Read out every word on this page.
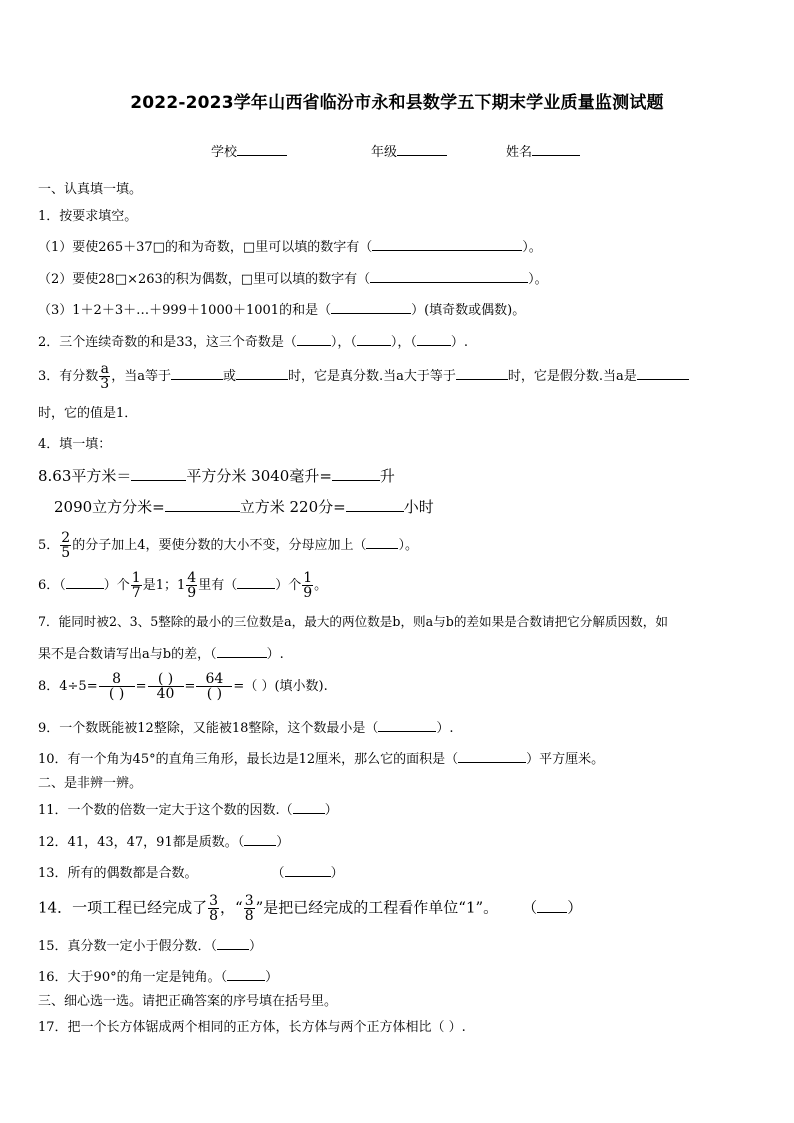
2022-2023学年山西省临汾市永和县数学五下期末学业质量监测试题
学校	年级	姓名
一、认真填一填。
1．按要求填空。
（1）要使265＋37□的和为奇数，□里可以填的数字有（	）。
（2）要使28□×263的积为偶数，□里可以填的数字有（	）。
（3）1＋2＋3＋…＋999＋1000＋1001的和是（	）(填奇数或偶数)。
2．三个连续奇数的和是33，这三个奇数是（	），（	），（	）.
3．有分数 $\frac{a}{3}$ ，当a等于	或	时，它是真分数.当a大于等于	时，它是假分数.当a是
时，它的值是1．
4．填一填：
8.63平方米＝	平方分米 3040毫升=	升
2090立方分米=	立方米 220分=	小时
5． $\frac{2}{5}$ 的分子加上4，要使分数的大小不变，分母应加上（ ）。
6．（	）个 $\frac{1}{7}$ 是1；$1 \frac{4}{9}$ 里有（	）个 $\frac{1}{9}$ 。
7．能同时被2、3、5整除的最小的三位数是a，最大的两位数是b，则a与b的差如果是合数请把它分解质因数，如
果不是合数请写出a与b的差，（	）.
8．$4\div 5= \frac{8}{( )} = \frac{( )}{40} = \frac{64}{( )}$ =（ ）(填小数).
9．一个数既能被12整除，又能被18整除，这个数最小是（	）.
10．有一个角为45°的直角三角形，最长边是12厘米，那么它的面积是（	）平方厘米。
二、是非辨一辨。
11．一个数的倍数一定大于这个数的因数.（ ）
12．41，43，47，91都是质数。（ ）
13．所有的偶数都是合数。	（	）
14．一项工程已经完成了 $\frac{3}{8}$ ，“ $\frac{3}{8}$ ”是把已经完成的工程看作单位“1”。 （ ）
15．真分数一定小于假分数．（ ）
16．大于90°的角一定是钝角。（	）
三、细心选一选。请把正确答案的序号填在括号里。
17．把一个长方体锯成两个相同的正方体，长方体与两个正方体相比（ ）.
